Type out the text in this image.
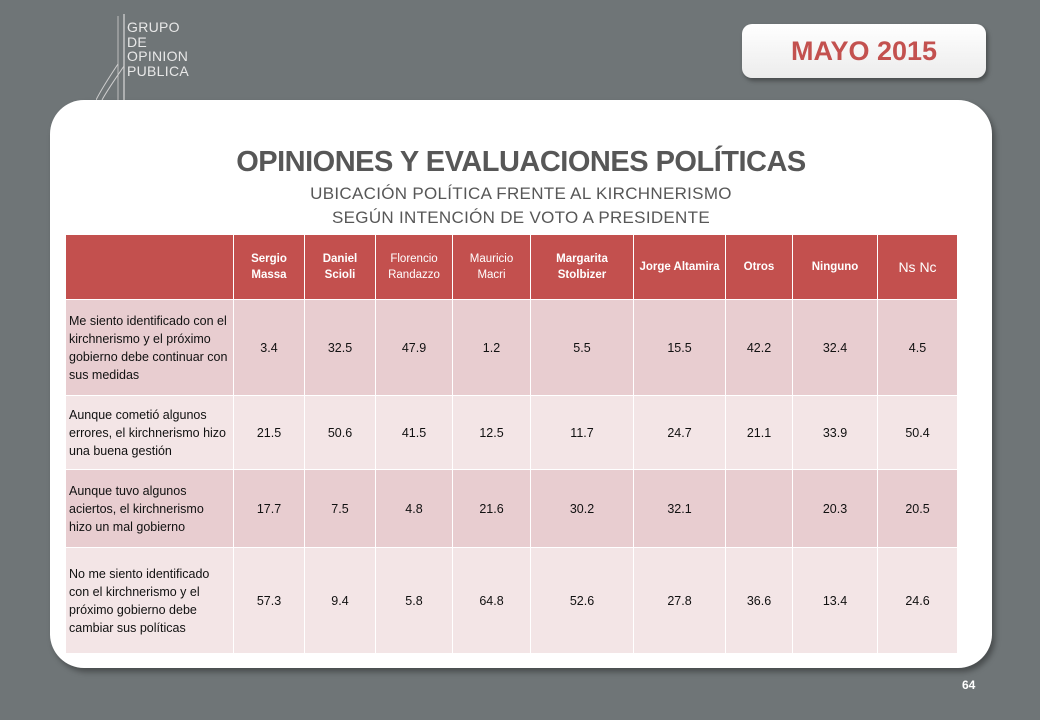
GRUPO
DE
OPINION
PUBLICA
MAYO 2015
OPINIONES Y EVALUACIONES POLÍTICAS
UBICACIÓN POLÍTICA FRENTE AL KIRCHNERISMO
SEGÚN INTENCIÓN DE VOTO A PRESIDENTE
	Sergio Massa	Daniel Scioli	Florencio Randazzo	Mauricio Macri	Margarita Stolbizer	Jorge Altamira	Otros	Ninguno	Ns Nc
Me siento identificado con el kirchnerismo y el próximo gobierno debe continuar con sus medidas	3.4	32.5	47.9	1.2	5.5	15.5	42.2	32.4	4.5
Aunque cometió algunos errores, el kirchnerismo hizo una buena gestión	21.5	50.6	41.5	12.5	11.7	24.7	21.1	33.9	50.4
Aunque tuvo algunos aciertos, el kirchnerismo hizo un mal gobierno	17.7	7.5	4.8	21.6	30.2	32.1		20.3	20.5
No me siento identificado con el kirchnerismo y el próximo gobierno debe cambiar sus políticas	57.3	9.4	5.8	64.8	52.6	27.8	36.6	13.4	24.6
64
